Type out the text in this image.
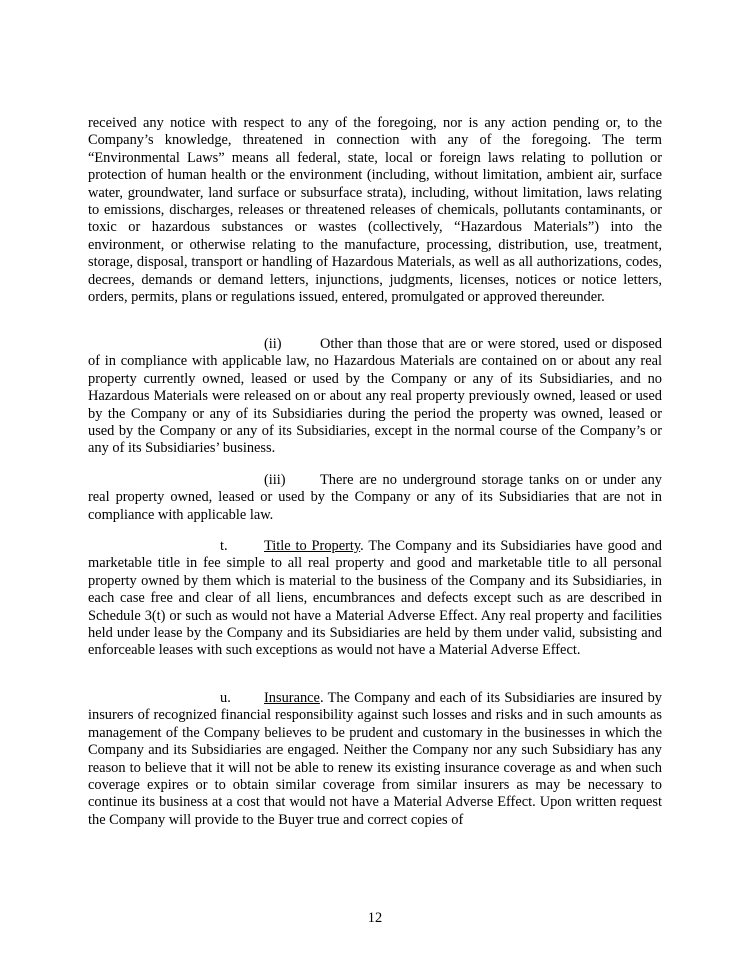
received any notice with respect to any of the foregoing, nor is any action pending or, to the Company’s knowledge, threatened in connection with any of the foregoing. The term “Environmental Laws” means all federal, state, local or foreign laws relating to pollution or protection of human health or the environment (including, without limitation, ambient air, surface water, groundwater, land surface or subsurface strata), including, without limitation, laws relating to emissions, discharges, releases or threatened releases of chemicals, pollutants contaminants, or toxic or hazardous substances or wastes (collectively, “Hazardous Materials”) into the environment, or otherwise relating to the manufacture, processing, distribution, use, treatment, storage, disposal, transport or handling of Hazardous Materials, as well as all authorizations, codes, decrees, demands or demand letters, injunctions, judgments, licenses, notices or notice letters, orders, permits, plans or regulations issued, entered, promulgated or approved thereunder.

(ii)	Other than those that are or were stored, used or disposed of in compliance with applicable law, no Hazardous Materials are contained on or about any real property currently owned, leased or used by the Company or any of its Subsidiaries, and no Hazardous Materials were released on or about any real property previously owned, leased or used by the Company or any of its Subsidiaries during the period the property was owned, leased or used by the Company or any of its Subsidiaries, except in the normal course of the Company’s or any of its Subsidiaries’ business.

(iii) There are no underground storage tanks on or under any real property owned, leased or used by the Company or any of its Subsidiaries that are not in compliance with applicable law.

t.	Title to Property. The Company and its Subsidiaries have good and marketable title in fee simple to all real property and good and marketable title to all personal property owned by them which is material to the business of the Company and its Subsidiaries, in each case free and clear of all liens, encumbrances and defects except such as are described in Schedule 3(t) or such as would not have a Material Adverse Effect. Any real property and facilities held under lease by the Company and its Subsidiaries are held by them under valid, subsisting and enforceable leases with such exceptions as would not have a Material Adverse Effect.

u. Insurance. The Company and each of its Subsidiaries are insured by insurers of recognized financial responsibility against such losses and risks and in such amounts as management of the Company believes to be prudent and customary in the businesses in which the Company and its Subsidiaries are engaged. Neither the Company nor any such Subsidiary has any reason to believe that it will not be able to renew its existing insurance coverage as and when such coverage expires or to obtain similar coverage from similar insurers as may be necessary to continue its business at a cost that would not have a Material Adverse Effect. Upon written request the Company will provide to the Buyer true and correct copies of

12
